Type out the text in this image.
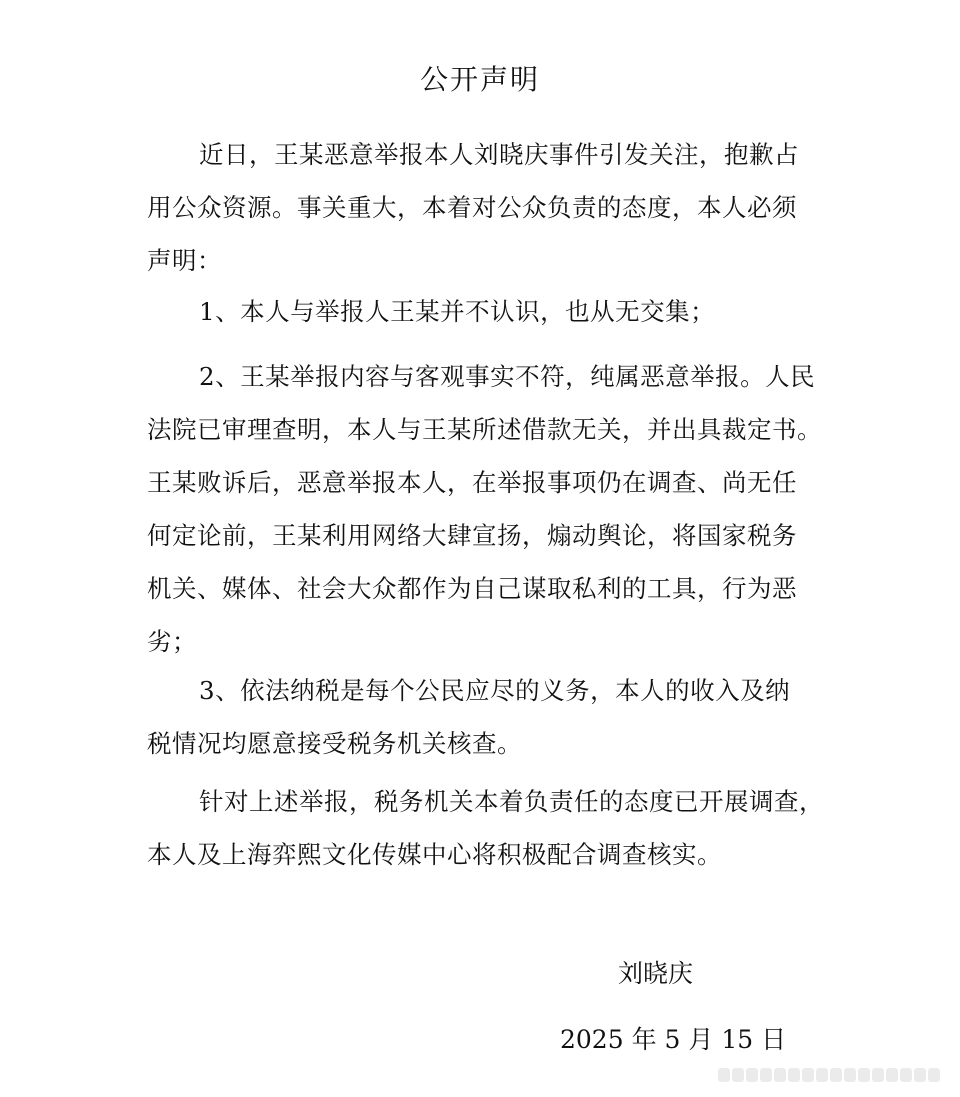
公开声明

近日，王某恶意举报本人刘晓庆事件引发关注，抱歉占
用公众资源。事关重大，本着对公众负责的态度，本人必须
声明：

1、本人与举报人王某并不认识，也从无交集；

2、王某举报内容与客观事实不符，纯属恶意举报。人民
法院已审理查明，本人与王某所述借款无关，并出具裁定书。
王某败诉后，恶意举报本人，在举报事项仍在调查、尚无任
何定论前，王某利用网络大肆宣扬，煽动舆论，将国家税务
机关、媒体、社会大众都作为自己谋取私利的工具，行为恶
劣；

3、依法纳税是每个公民应尽的义务，本人的收入及纳
税情况均愿意接受税务机关核查。

针对上述举报，税务机关本着负责任的态度已开展调查，
本人及上海弈熙文化传媒中心将积极配合调查核实。

刘晓庆
2025 年 5 月 15 日
